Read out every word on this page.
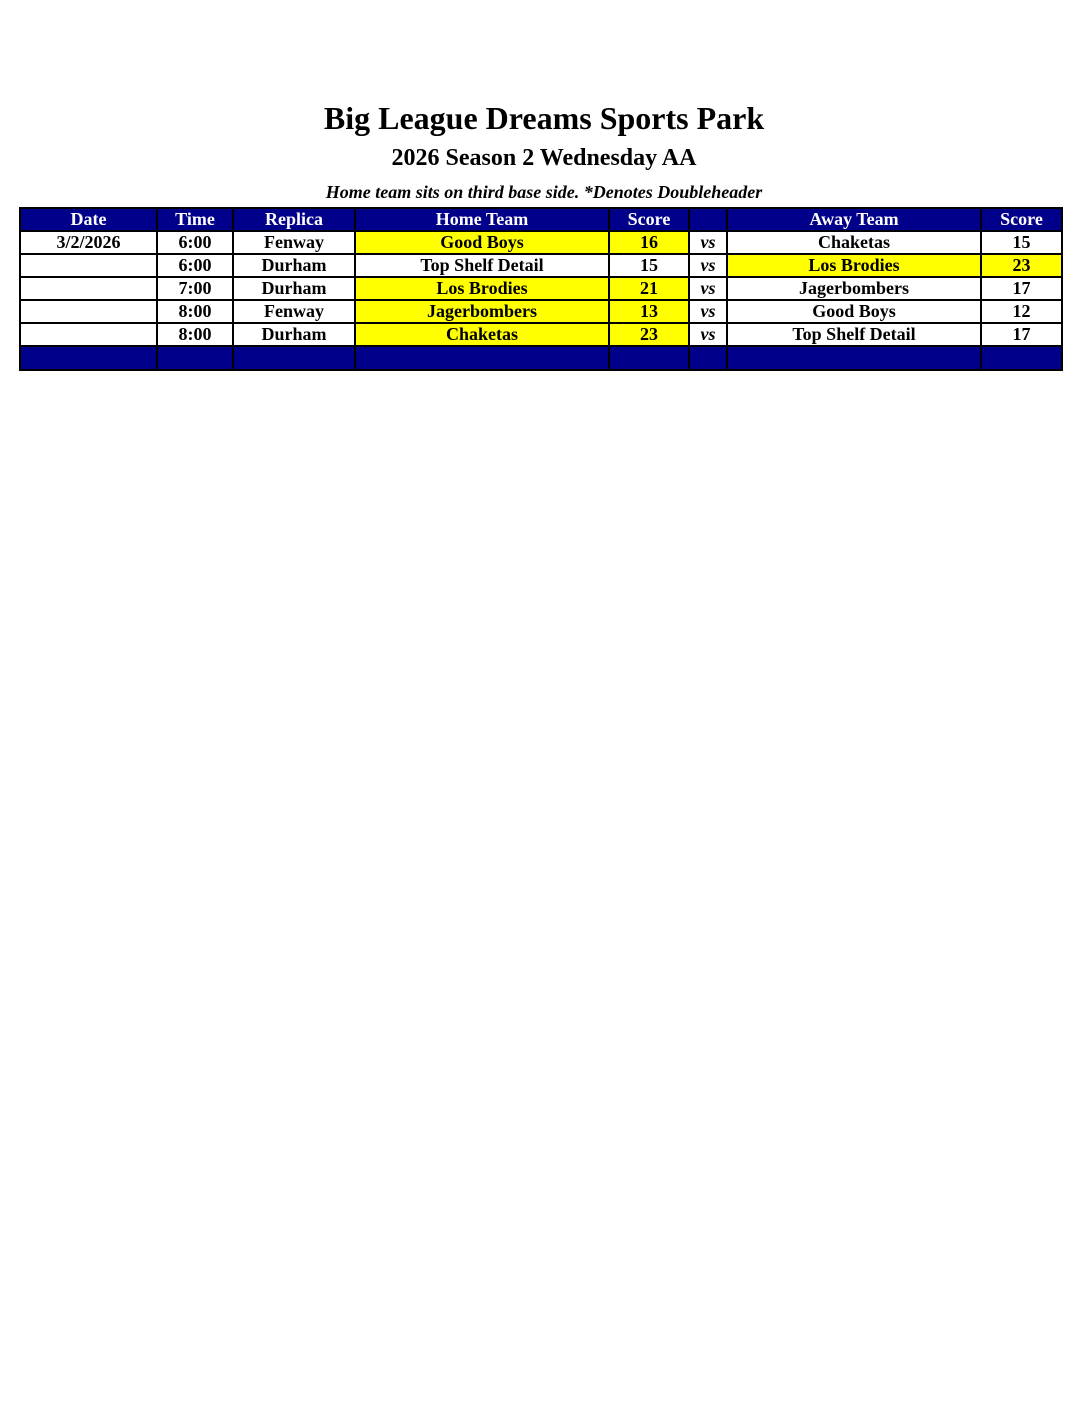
Big League Dreams Sports Park
2026 Season 2 Wednesday AA
Home team sits on third base side. *Denotes Doubleheader
Date	Time	Replica	Home Team	Score		Away Team	Score
3/2/2026	6:00	Fenway	Good Boys	16	vs	Chaketas	15
	6:00	Durham	Top Shelf Detail	15	vs	Los Brodies	23
	7:00	Durham	Los Brodies	21	vs	Jagerbombers	17
	8:00	Fenway	Jagerbombers	13	vs	Good Boys	12
	8:00	Durham	Chaketas	23	vs	Top Shelf Detail	17
